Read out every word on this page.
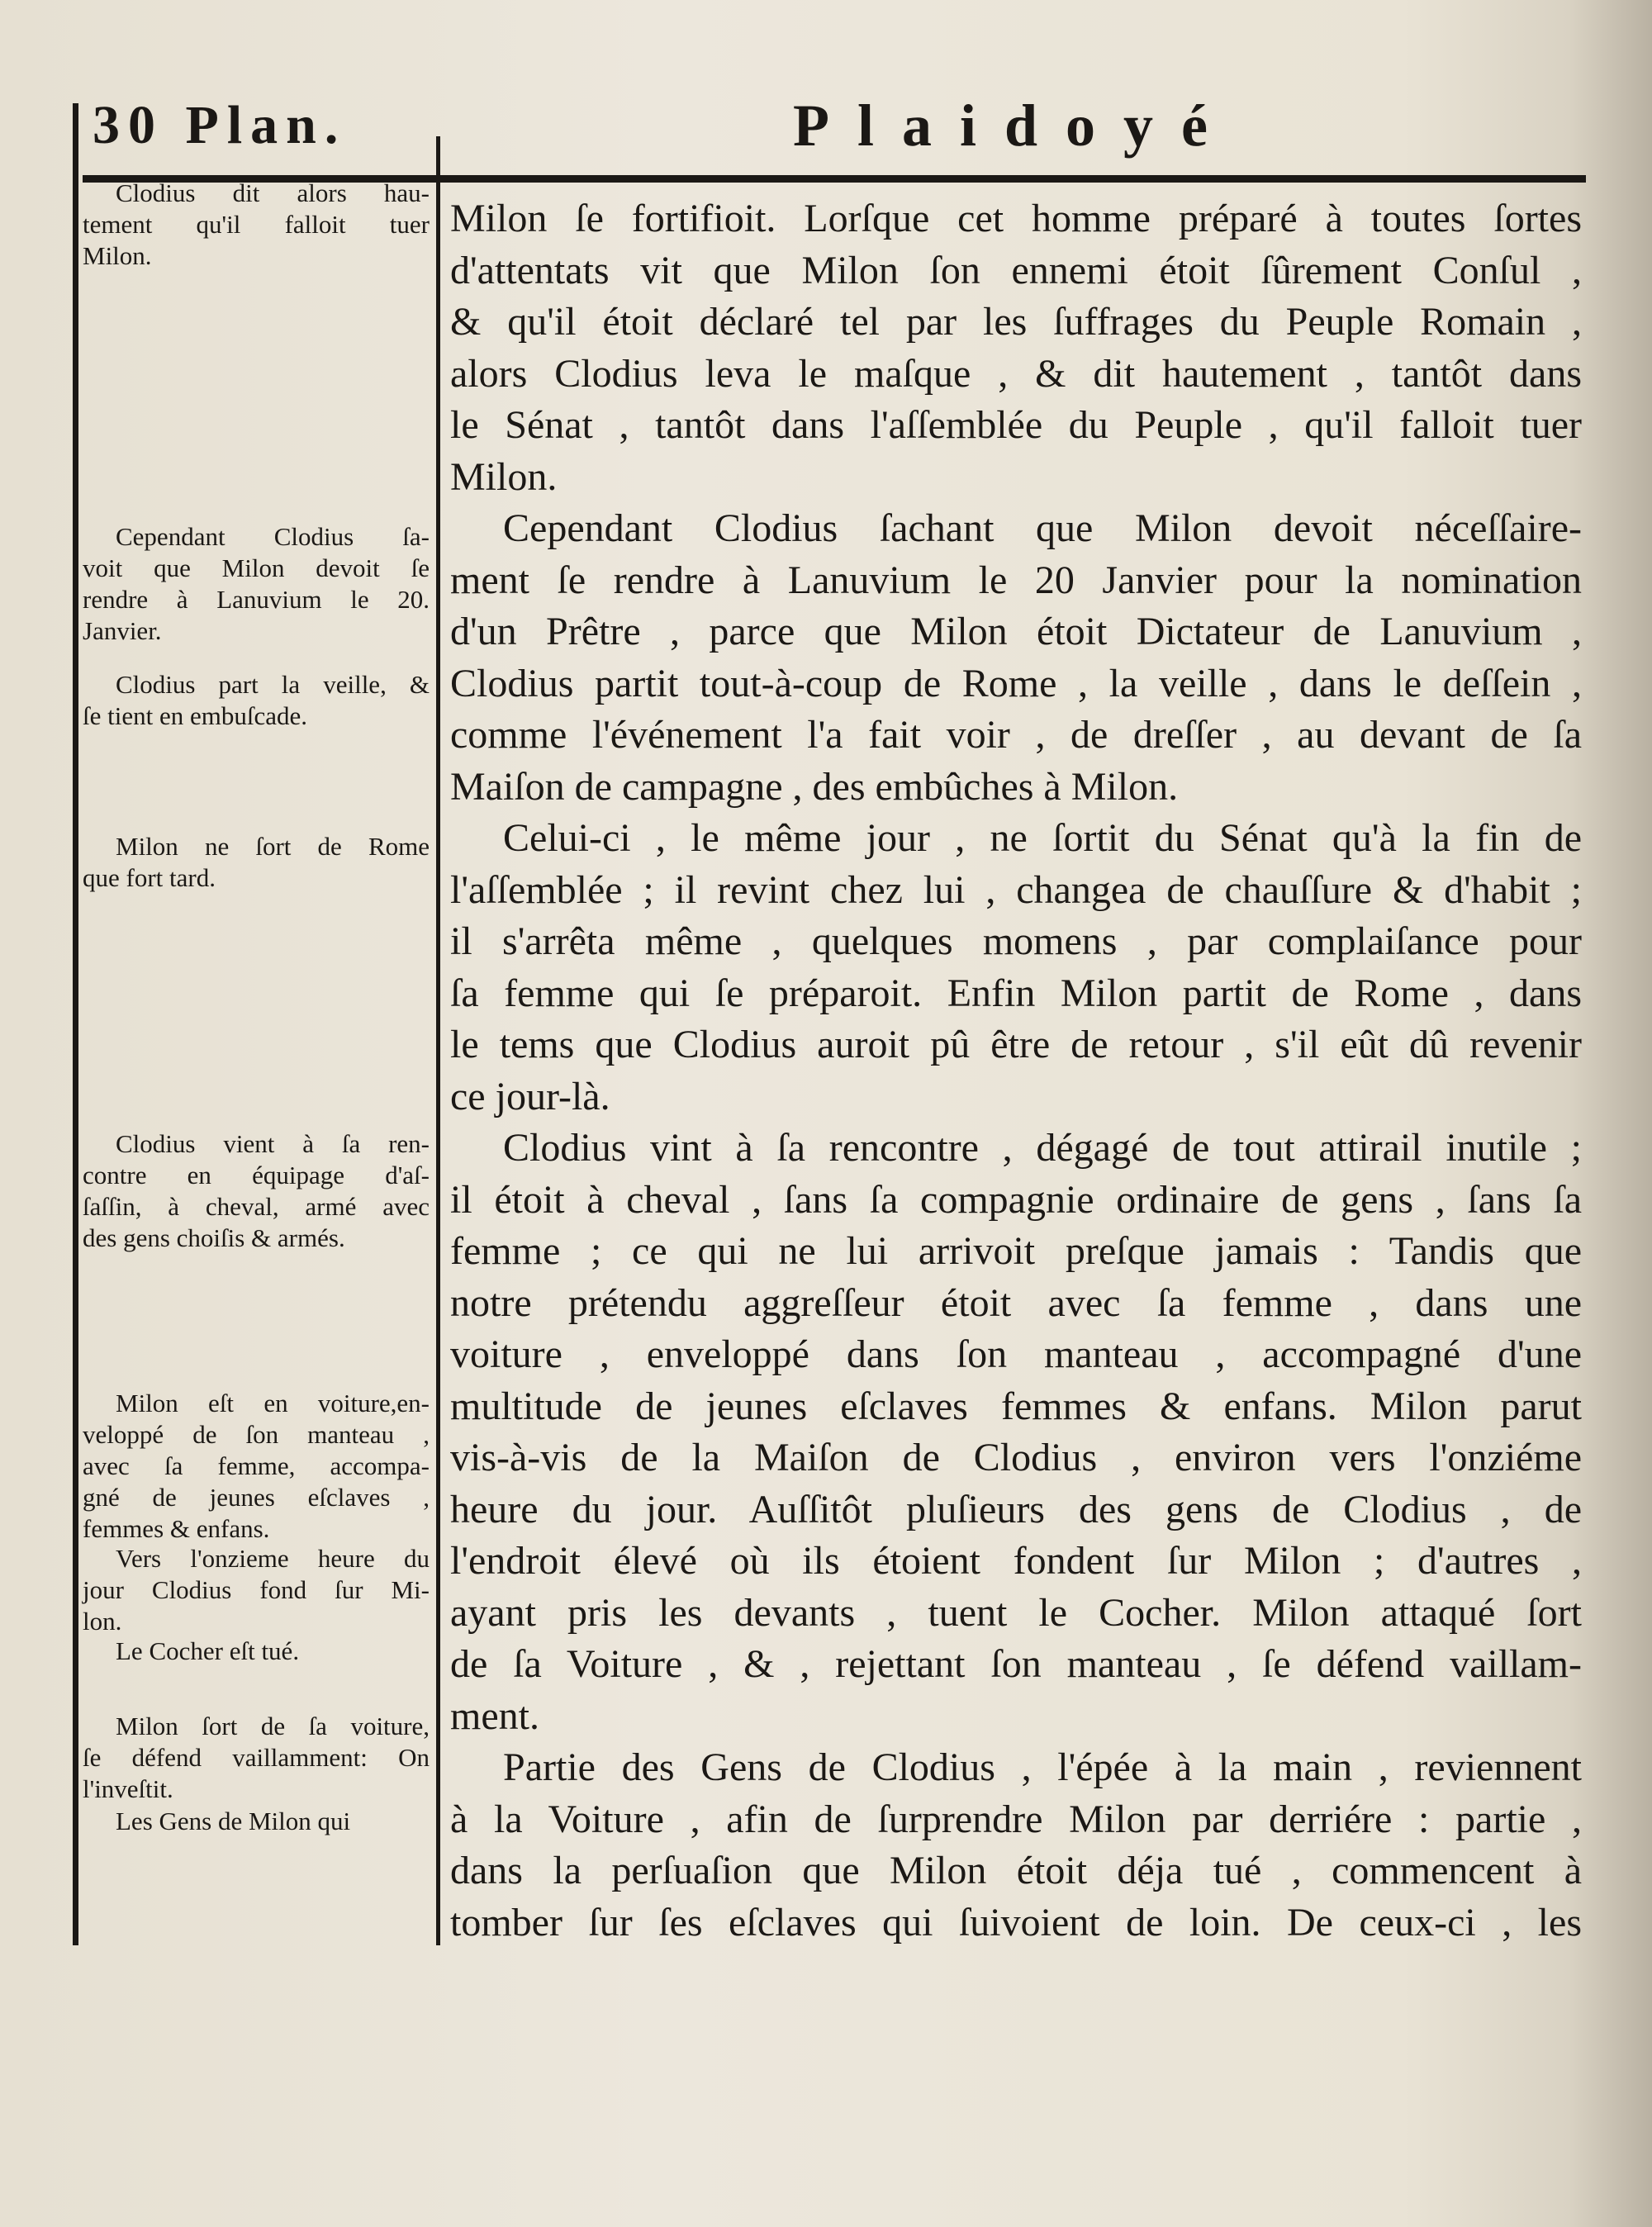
30 Plan.	Plaidoyé
Clodius dit alors hau-
tement qu'il falloit tuer
Milon.
Cependant Clodius ſa-
voit que Milon devoit ſe
rendre à Lanuvium le 20.
Janvier.
Clodius part la veille, &
ſe tient en embuſcade.
Milon ne ſort de Rome
que fort tard.
Clodius vient à ſa ren-
contre en équipage d'aſ-
ſaſſin, à cheval, armé avec
des gens choiſis & armés.
Milon eſt en voiture,en-
veloppé de ſon manteau ,
avec ſa femme, accompa-
gné de jeunes eſclaves ,
femmes & enfans.
Vers l'onzieme heure du
jour Clodius fond ſur Mi-
lon.
Le Cocher eſt tué.
Milon ſort de ſa voiture,
ſe défend vaillamment: On
l'inveſtit.
Les Gens de Milon qui
Milon ſe fortifioit. Lorſque cet homme préparé à toutes ſortes
d'attentats vit que Milon ſon ennemi étoit ſûrement Conſul ,
& qu'il étoit déclaré tel par les ſuffrages du Peuple Romain ,
alors Clodius leva le maſque , & dit hautement , tantôt dans
le Sénat , tantôt dans l'aſſemblée du Peuple , qu'il falloit tuer
Milon.
Cependant Clodius ſachant que Milon devoit néceſſaire-
ment ſe rendre à Lanuvium le 20 Janvier pour la nomination
d'un Prêtre , parce que Milon étoit Dictateur de Lanuvium ,
Clodius partit tout-à-coup de Rome , la veille , dans le deſſein ,
comme l'événement l'a fait voir , de dreſſer , au devant de ſa
Maiſon de campagne , des embûches à Milon.
Celui-ci , le même jour , ne ſortit du Sénat qu'à la fin de
l'aſſemblée ; il revint chez lui , changea de chauſſure & d'habit ;
il s'arrêta même , quelques momens , par complaiſance pour
ſa femme qui ſe préparoit. Enfin Milon partit de Rome , dans
le tems que Clodius auroit pû être de retour , s'il eût dû revenir
ce jour-là.
Clodius vint à ſa rencontre , dégagé de tout attirail inutile ;
il étoit à cheval , ſans ſa compagnie ordinaire de gens , ſans ſa
femme ; ce qui ne lui arrivoit preſque jamais : Tandis que
notre prétendu aggreſſeur étoit avec ſa femme , dans une
voiture , enveloppé dans ſon manteau , accompagné d'une
multitude de jeunes eſclaves femmes & enfans. Milon parut
vis-à-vis de la Maiſon de Clodius , environ vers l'onziéme
heure du jour. Auſſitôt pluſieurs des gens de Clodius , de
l'endroit élevé où ils étoient fondent ſur Milon ; d'autres ,
ayant pris les devants , tuent le Cocher. Milon attaqué ſort
de ſa Voiture , & , rejettant ſon manteau , ſe défend vaillam-
ment.
Partie des Gens de Clodius , l'épée à la main , reviennent
à la Voiture , afin de ſurprendre Milon par derriére : partie ,
dans la perſuaſion que Milon étoit déja tué , commencent à
tomber ſur ſes eſclaves qui ſuivoient de loin. De ceux-ci , les
